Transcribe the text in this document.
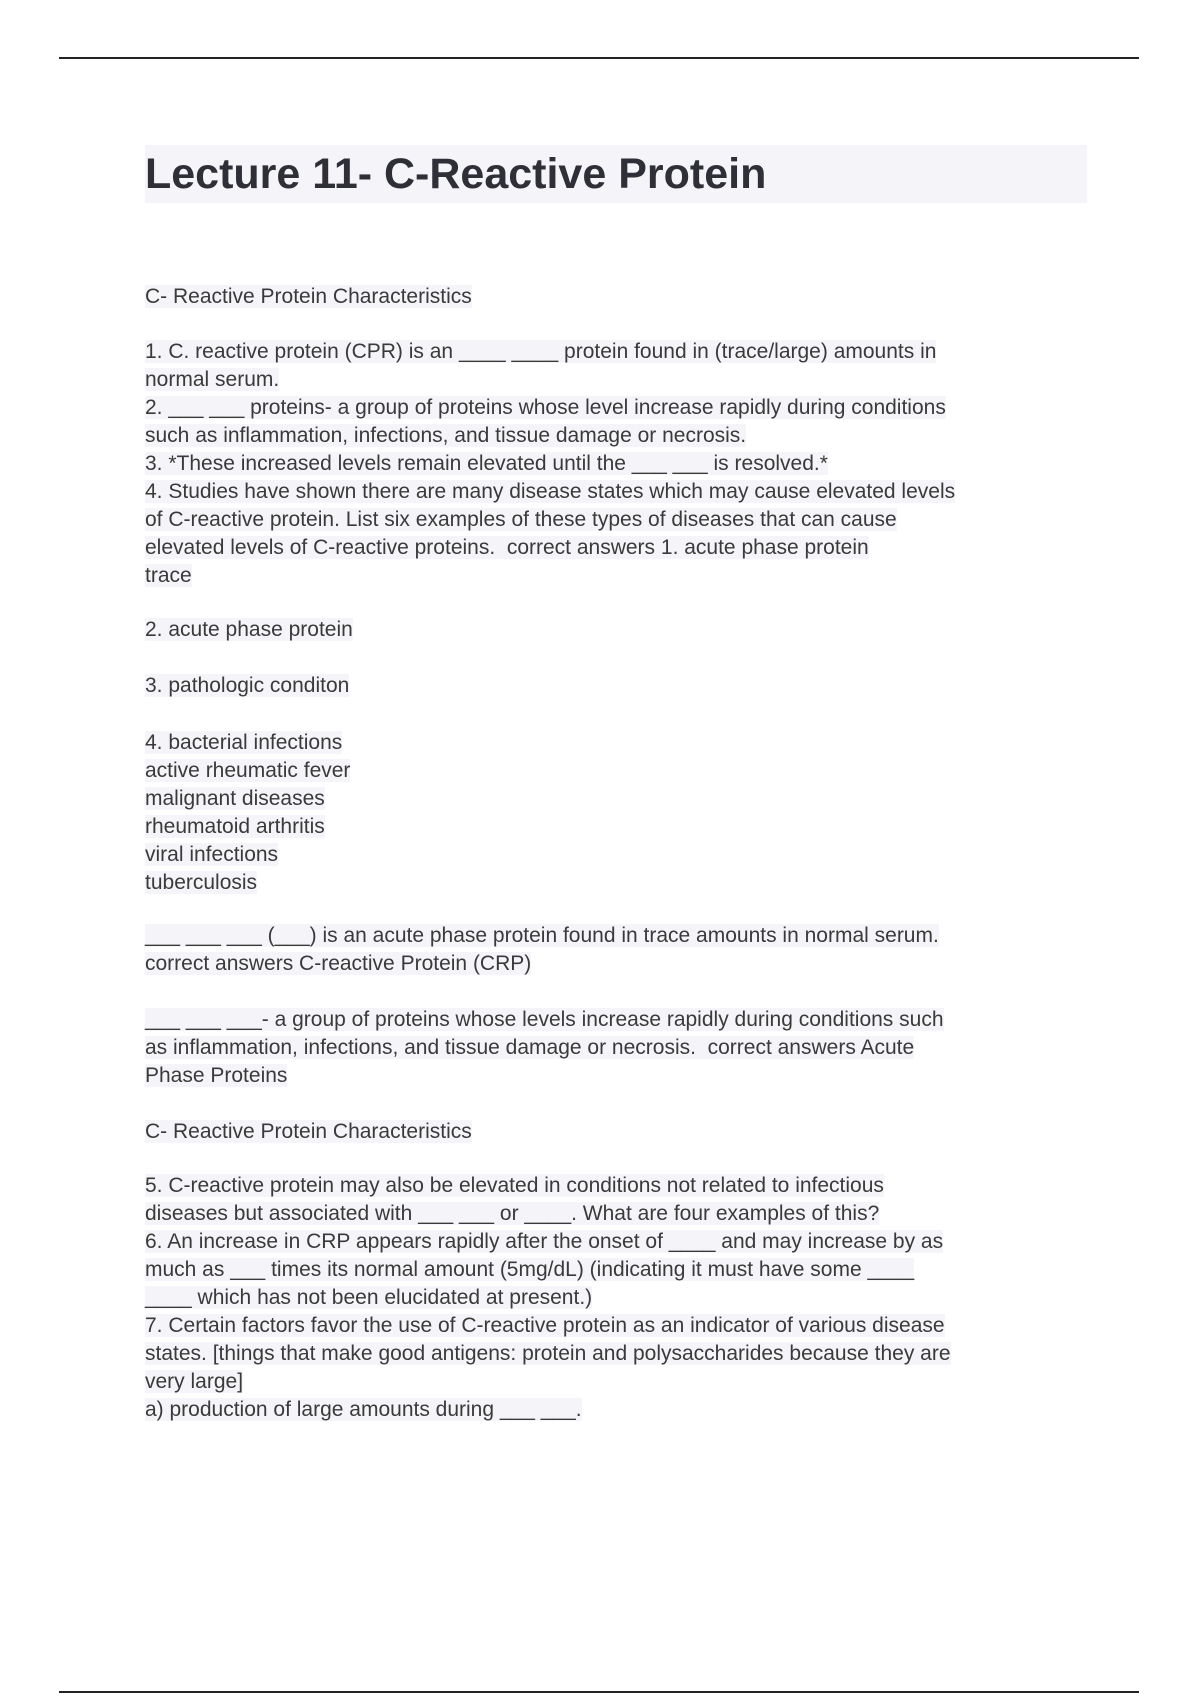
Lecture 11- C-Reactive Protein
C- Reactive Protein Characteristics
1. C. reactive protein (CPR) is an ____ ____ protein found in (trace/large) amounts in
normal serum.
2. ___ ___ proteins- a group of proteins whose level increase rapidly during conditions
such as inflammation, infections, and tissue damage or necrosis.
3. *These increased levels remain elevated until the ___ ___ is resolved.*
4. Studies have shown there are many disease states which may cause elevated levels
of C-reactive protein. List six examples of these types of diseases that can cause
elevated levels of C-reactive proteins.  correct answers 1. acute phase protein
trace
2. acute phase protein
3. pathologic conditon
4. bacterial infections
active rheumatic fever
malignant diseases
rheumatoid arthritis
viral infections
tuberculosis
___ ___ ___ (___) is an acute phase protein found in trace amounts in normal serum.
correct answers C-reactive Protein (CRP)
___ ___ ___- a group of proteins whose levels increase rapidly during conditions such
as inflammation, infections, and tissue damage or necrosis.  correct answers Acute
Phase Proteins
C- Reactive Protein Characteristics
5. C-reactive protein may also be elevated in conditions not related to infectious
diseases but associated with ___ ___ or ____. What are four examples of this?
6. An increase in CRP appears rapidly after the onset of ____ and may increase by as
much as ___ times its normal amount (5mg/dL) (indicating it must have some ____
____ which has not been elucidated at present.)
7. Certain factors favor the use of C-reactive protein as an indicator of various disease
states. [things that make good antigens: protein and polysaccharides because they are
very large]
a) production of large amounts during ___ ___.
